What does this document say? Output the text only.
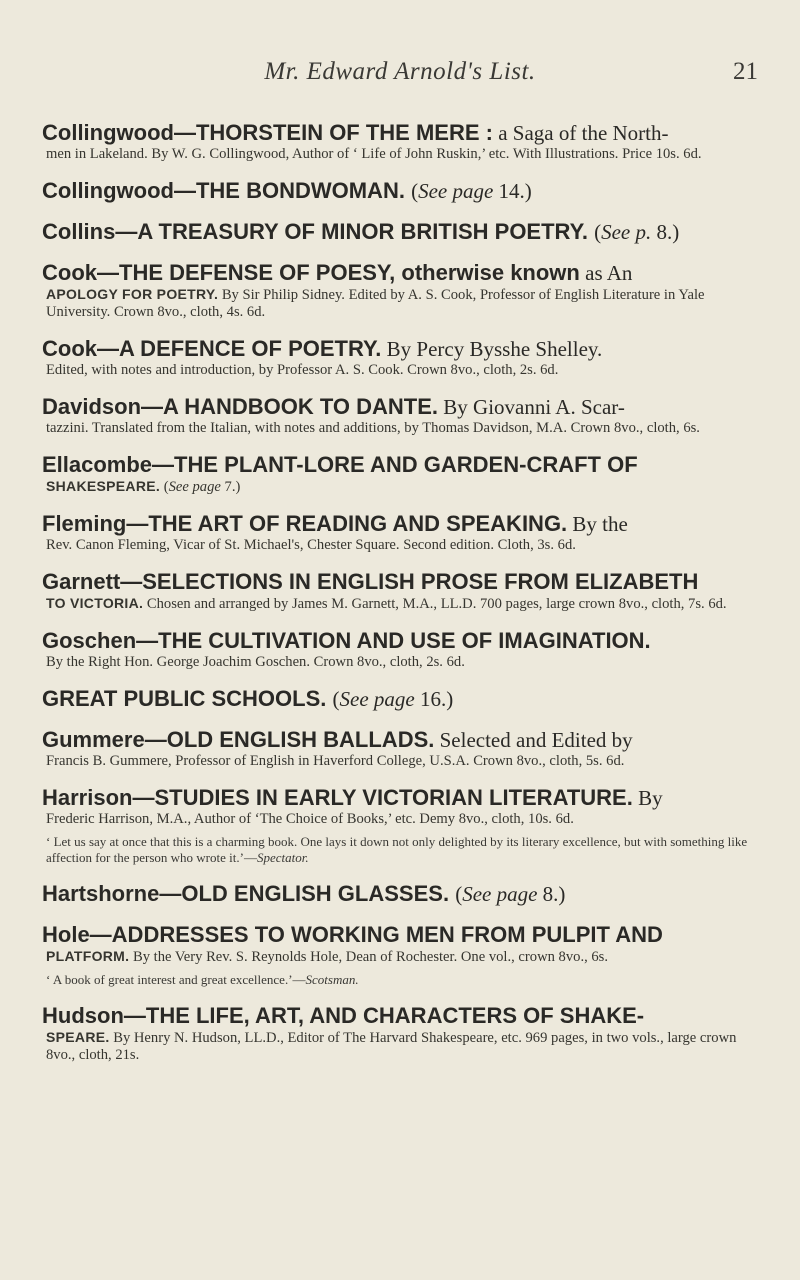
Mr. Edward Arnold's List.	21
Collingwood—THORSTEIN OF THE MERE : a Saga of the North-
men in Lakeland. By W. G. Collingwood, Author of ‘ Life of John Ruskin,’ etc. With Illustrations. Price 10s. 6d.
Collingwood—THE BONDWOMAN. (See page 14.)
Collins—A TREASURY OF MINOR BRITISH POETRY. (See p. 8.)
Cook—THE DEFENSE OF POESY, otherwise known as An
APOLOGY FOR POETRY. By Sir Philip Sidney. Edited by A. S. Cook, Professor of English Literature in Yale University. Crown 8vo., cloth, 4s. 6d.
Cook—A DEFENCE OF POETRY. By Percy Bysshe Shelley.
Edited, with notes and introduction, by Professor A. S. Cook. Crown 8vo., cloth, 2s. 6d.
Davidson—A HANDBOOK TO DANTE. By Giovanni A. Scar-
tazzini. Translated from the Italian, with notes and additions, by Thomas Davidson, M.A. Crown 8vo., cloth, 6s.
Ellacombe—THE PLANT-LORE AND GARDEN-CRAFT OF
SHAKESPEARE. (See page 7.)
Fleming—THE ART OF READING AND SPEAKING. By the
Rev. Canon Fleming, Vicar of St. Michael's, Chester Square. Second edition. Cloth, 3s. 6d.
Garnett—SELECTIONS IN ENGLISH PROSE FROM ELIZABETH
TO VICTORIA. Chosen and arranged by James M. Garnett, M.A., LL.D. 700 pages, large crown 8vo., cloth, 7s. 6d.
Goschen—THE CULTIVATION AND USE OF IMAGINATION.
By the Right Hon. George Joachim Goschen. Crown 8vo., cloth, 2s. 6d.
GREAT PUBLIC SCHOOLS. (See page 16.)
Gummere—OLD ENGLISH BALLADS. Selected and Edited by
Francis B. Gummere, Professor of English in Haverford College, U.S.A. Crown 8vo., cloth, 5s. 6d.
Harrison—STUDIES IN EARLY VICTORIAN LITERATURE. By
Frederic Harrison, M.A., Author of ‘The Choice of Books,’ etc. Demy 8vo., cloth, 10s. 6d.
‘ Let us say at once that this is a charming book. One lays it down not only delighted by its literary excellence, but with something like affection for the person who wrote it.’—Spectator.
Hartshorne—OLD ENGLISH GLASSES. (See page 8.)
Hole—ADDRESSES TO WORKING MEN FROM PULPIT AND
PLATFORM. By the Very Rev. S. Reynolds Hole, Dean of Rochester. One vol., crown 8vo., 6s.
‘ A book of great interest and great excellence.’—Scotsman.
Hudson—THE LIFE, ART, AND CHARACTERS OF SHAKE-
SPEARE. By Henry N. Hudson, LL.D., Editor of The Harvard Shakespeare, etc. 969 pages, in two vols., large crown 8vo., cloth, 21s.
